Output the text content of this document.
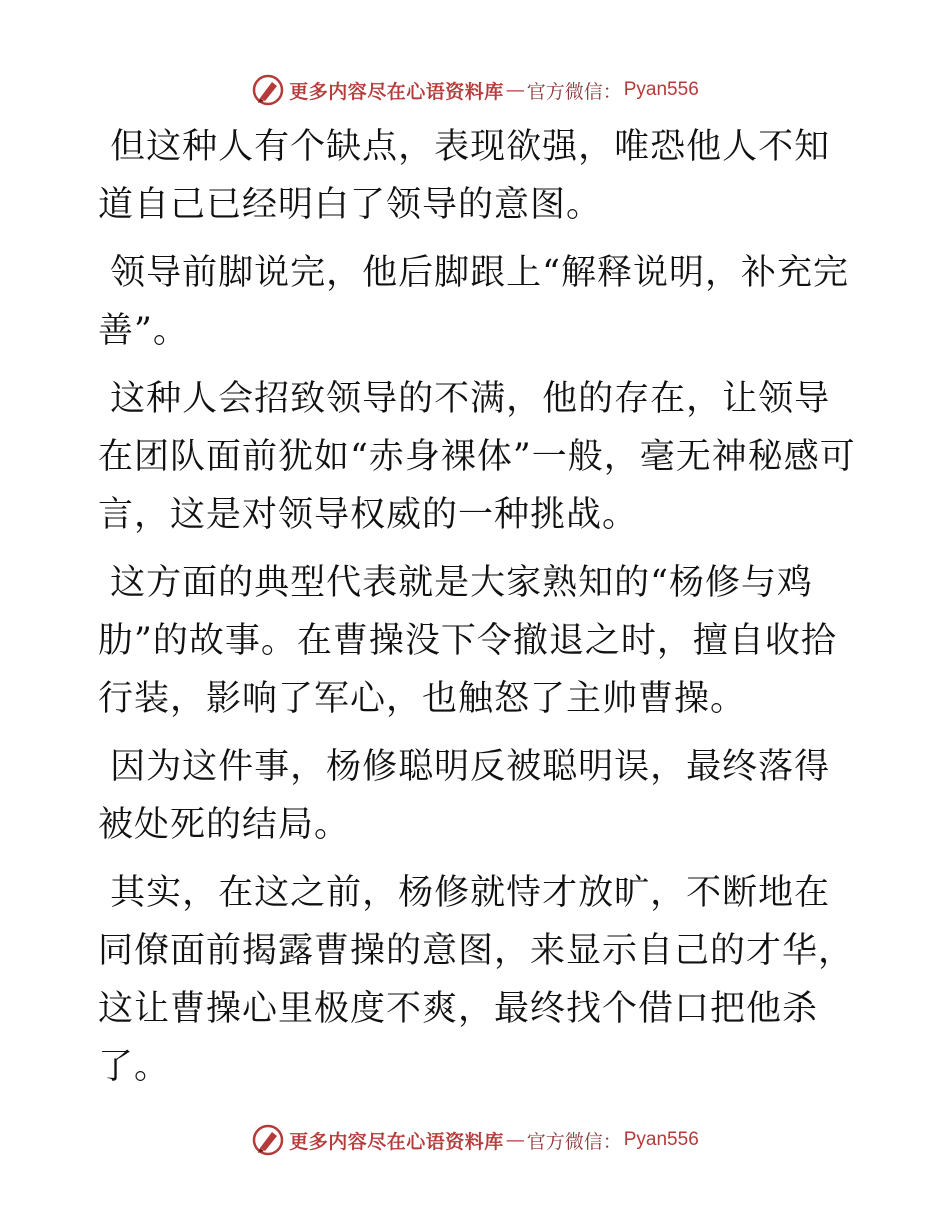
更多内容尽在心语资料库 — 官方微信： Pyan556

但这种人有个缺点，表现欲强，唯恐他人不知道自己已经明白了领导的意图。

领导前脚说完，他后脚跟上“解释说明，补充完善”。

这种人会招致领导的不满，他的存在，让领导在团队面前犹如“赤身裸体”一般，毫无神秘感可言，这是对领导权威的一种挑战。

这方面的典型代表就是大家熟知的“杨修与鸡肋”的故事。在曹操没下令撤退之时，擅自收拾行装，影响了军心，也触怒了主帅曹操。

因为这件事，杨修聪明反被聪明误，最终落得被处死的结局。

其实，在这之前，杨修就恃才放旷，不断地在同僚面前揭露曹操的意图，来显示自己的才华，这让曹操心里极度不爽，最终找个借口把他杀了。

更多内容尽在心语资料库 — 官方微信： Pyan556
